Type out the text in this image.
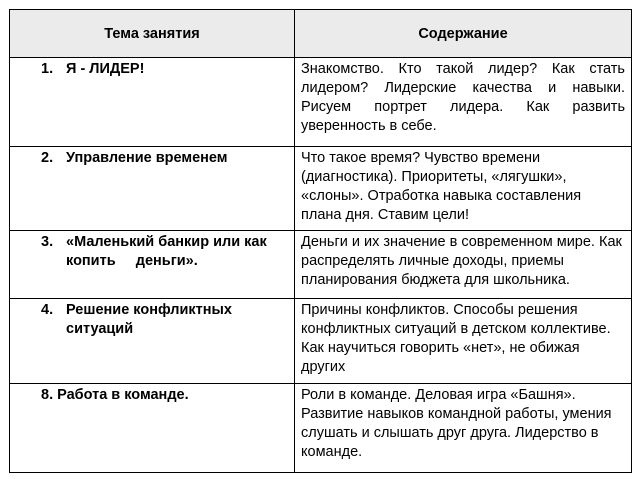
Тема занятия	Содержание

1. Я - ЛИДЕР!	Знакомство. Кто такой лидер? Как стать лидером? Лидерские качества и навыки. Рисуем портрет лидера. Как развить уверенность в себе.

2. Управление временем	Что такое время? Чувство времени (диагностика). Приоритеты, «лягушки», «слоны». Отработка навыка составления плана дня. Ставим цели!

3. «Маленький банкир или как копить     деньги».	Деньги и их значение в современном мире. Как распределять личные доходы, приемы планирования бюджета для школьника.

4. Решение конфликтных ситуаций	Причины конфликтов. Способы решения конфликтных ситуаций в детском коллективе. Как научиться говорить «нет», не обижая других

8. Работа в команде.	Роли в команде. Деловая игра «Башня». Развитие навыков командной работы, умения слушать и слышать друг друга. Лидерство в команде.
